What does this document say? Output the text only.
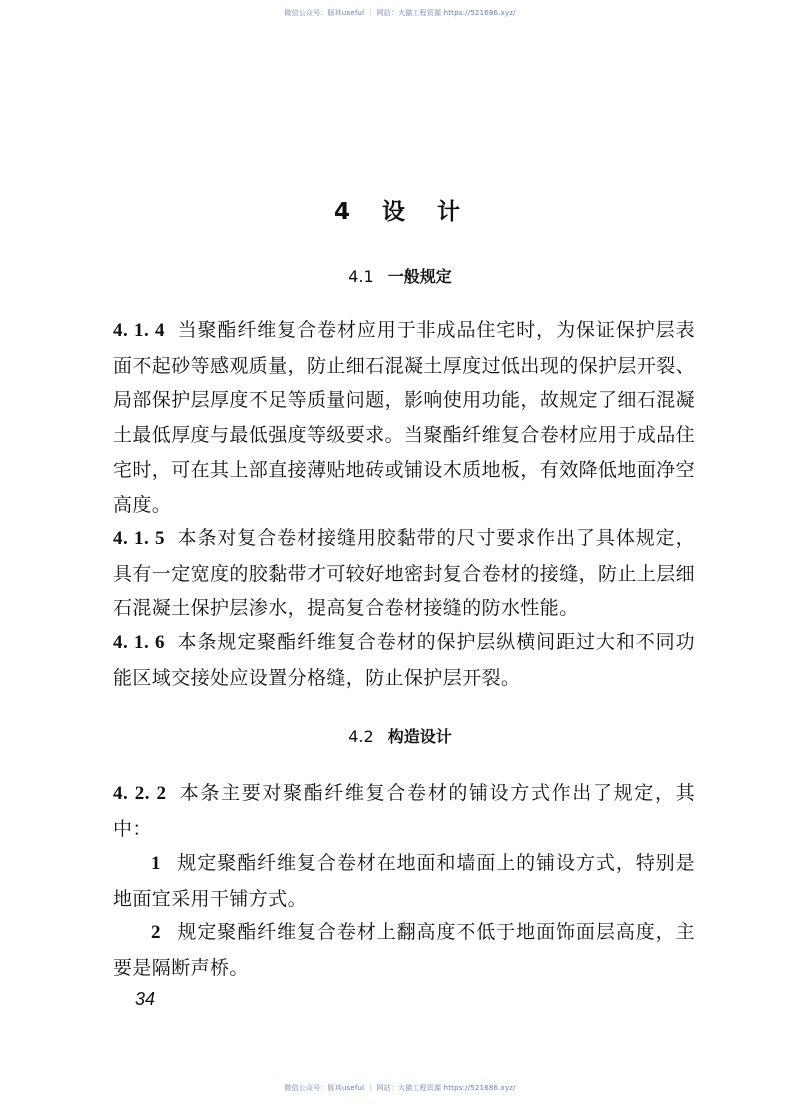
微信公众号：豚其useful ｜ 网站：大猫工程资源 https://521686.xyz/
4 设 计
4.1 一般规定
4. 1. 4 当聚酯纤维复合卷材应用于非成品住宅时，为保证保护层表面不起砂等感观质量，防止细石混凝土厚度过低出现的保护层开裂、局部保护层厚度不足等质量问题，影响使用功能，故规定了细石混凝土最低厚度与最低强度等级要求。当聚酯纤维复合卷材应用于成品住宅时，可在其上部直接薄贴地砖或铺设木质地板，有效降低地面净空高度。
4. 1. 5 本条对复合卷材接缝用胶黏带的尺寸要求作出了具体规定，具有一定宽度的胶黏带才可较好地密封复合卷材的接缝，防止上层细石混凝土保护层渗水，提高复合卷材接缝的防水性能。
4. 1. 6 本条规定聚酯纤维复合卷材的保护层纵横间距过大和不同功能区域交接处应设置分格缝，防止保护层开裂。
4.2 构造设计
4. 2. 2 本条主要对聚酯纤维复合卷材的铺设方式作出了规定，其中：
1 规定聚酯纤维复合卷材在地面和墙面上的铺设方式，特别是地面宜采用干铺方式。
2 规定聚酯纤维复合卷材上翻高度不低于地面饰面层高度，主要是隔断声桥。
34
微信公众号：豚其useful ｜ 网站：大猫工程资源 https://521686.xyz/
